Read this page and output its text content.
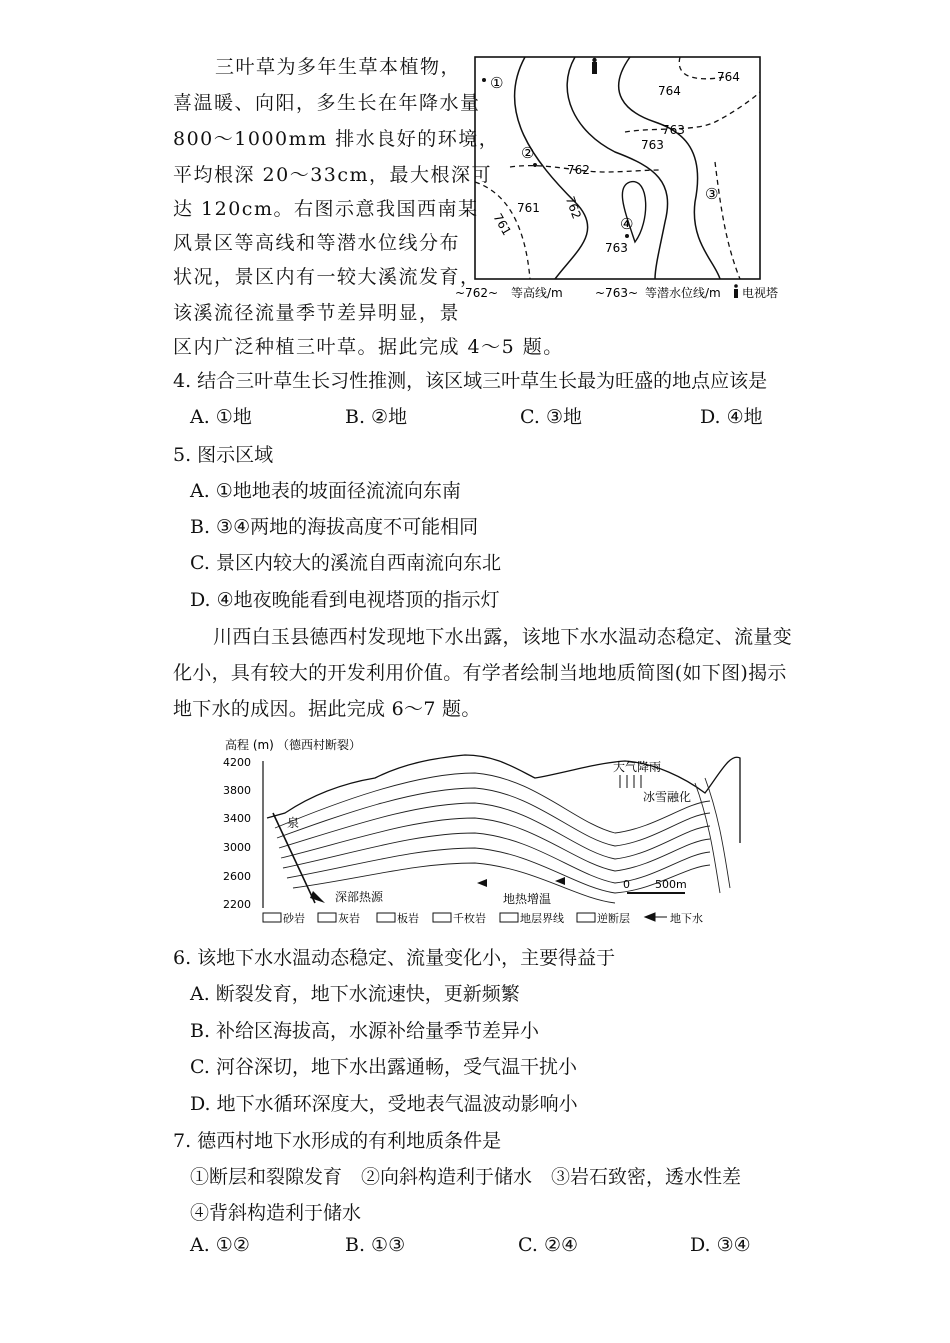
三叶草为多年生草本植物，
喜温暖、向阳，多生长在年降水量
800～1000mm 排水良好的环境，
平均根深 20～33cm，最大根深可
达 120cm。右图示意我国西南某
风景区等高线和等潜水位线分布
状况，景区内有一较大溪流发育，
该溪流径流量季节差异明显，景
区内广泛种植三叶草。据此完成 4～5 题。
764
764
763
763
762
762
761
761
763
①
②
③
④
~762~ 等高线/m	~763~ 等潜水位线/m 电视塔
4. 结合三叶草生长习性推测，该区域三叶草生长最为旺盛的地点应该是
A. ①地	B. ②地	C. ③地	D. ④地
5. 图示区域
A. ①地地表的坡面径流流向东南
B. ③④两地的海拔高度不可能相同
C. 景区内较大的溪流自西南流向东北
D. ④地夜晚能看到电视塔顶的指示灯
川西白玉县德西村发现地下水出露，该地下水水温动态稳定、流量变
化小，具有较大的开发利用价值。有学者绘制当地地质简图(如下图)揭示
地下水的成因。据此完成 6～7 题。
高程 (m) （德西村断裂）
4200
3800
3400
3000
2600
2200
泉
大气降雨
冰雪融化
深部热源	地热增温
0 500m
砂岩	灰岩	板岩	千枚岩	地层界线	逆断层	地下水
6. 该地下水水温动态稳定、流量变化小，主要得益于
A. 断裂发育，地下水流速快，更新频繁
B. 补给区海拔高，水源补给量季节差异小
C. 河谷深切，地下水出露通畅，受气温干扰小
D. 地下水循环深度大，受地表气温波动影响小
7. 德西村地下水形成的有利地质条件是
①断层和裂隙发育　②向斜构造利于储水　③岩石致密，透水性差
④背斜构造利于储水
A. ①②	B. ①③	C. ②④	D. ③④
